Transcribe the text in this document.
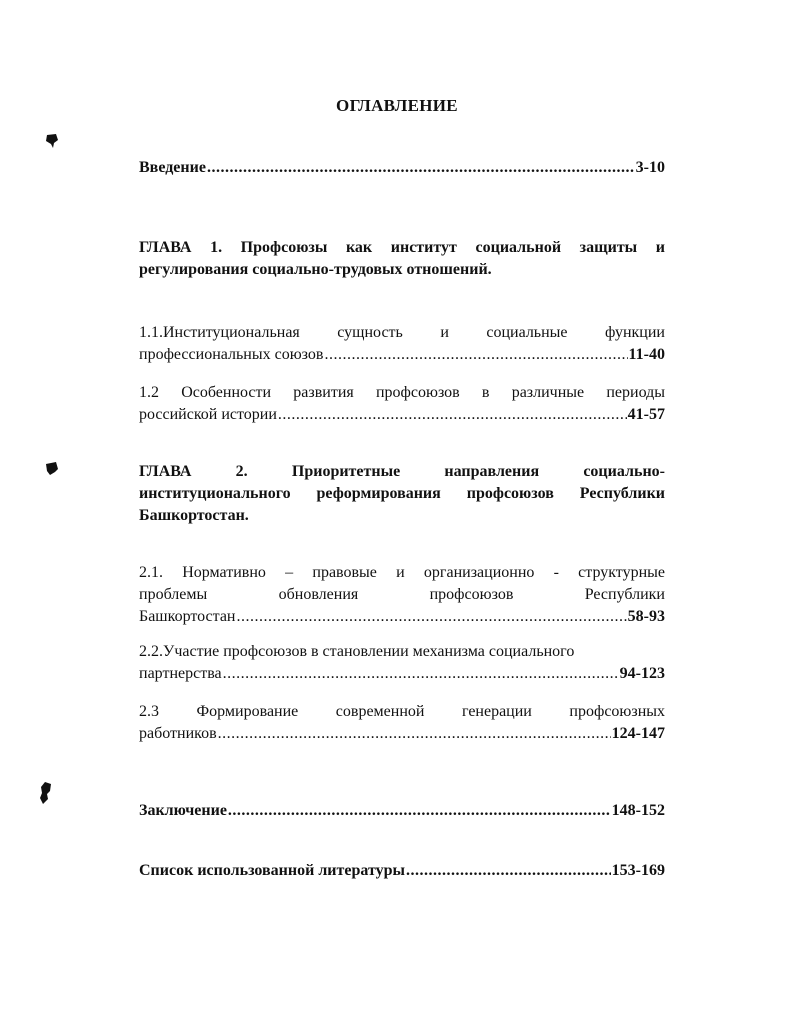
ОГЛАВЛЕНИЕ
Введение .....	3-10
ГЛАВА 1. Профсоюзы как институт социальной защиты и
регулирования социально-трудовых отношений.
1.1.Институциональная сущность и социальные функции
профессиональных союзов .....	11-40
1.2 Особенности развития профсоюзов в различные периоды
российской истории .....	41-57
ГЛАВА 2. Приоритетные направления социально-
институционального реформирования профсоюзов Республики
Башкортостан.
2.1. Нормативно – правовые и организационно - структурные
проблемы обновления профсоюзов Республики
Башкортостан .....	58-93
2.2.Участие профсоюзов в становлении механизма социального
партнерства .....	94-123
2.3 Формирование современной генерации профсоюзных
работников .....	124-147
Заключение .....	148-152
Список использованной литературы .....	153-169
